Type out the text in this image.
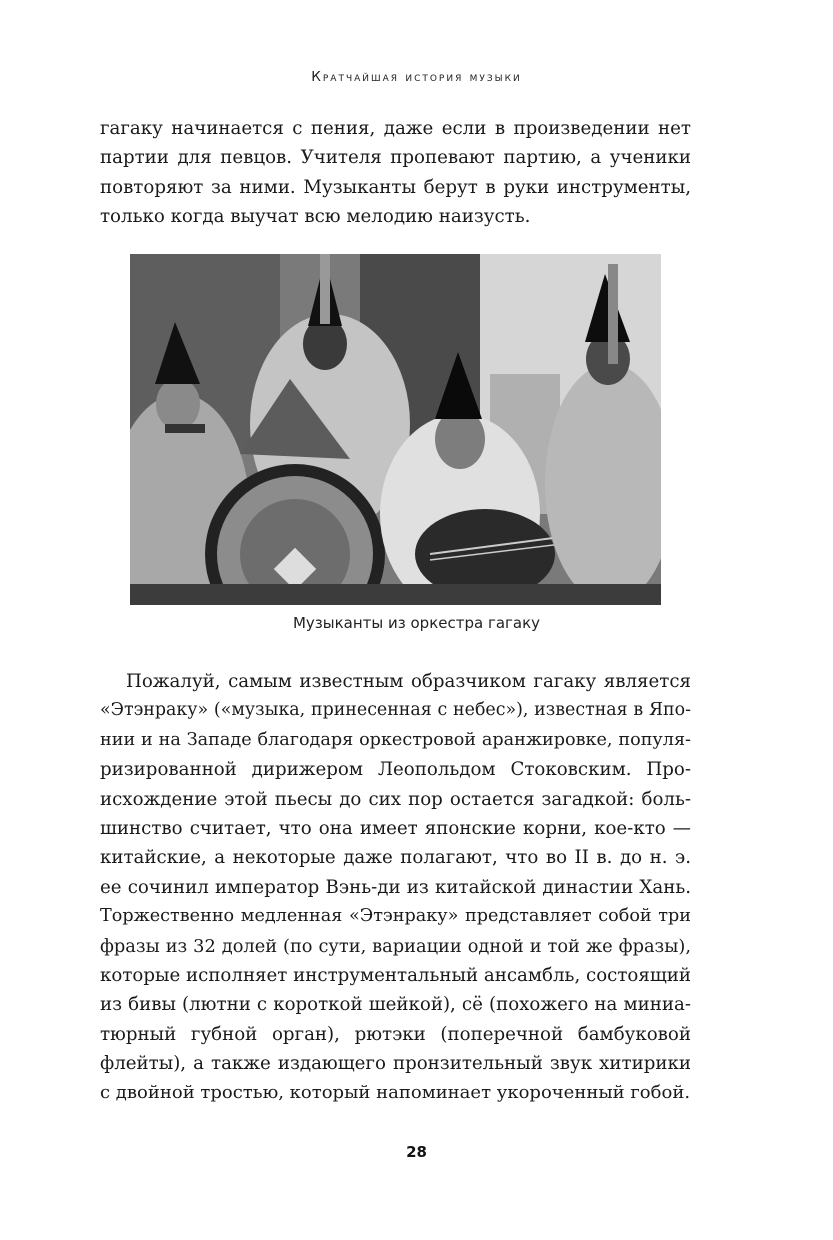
Кратчайшая история музыки
гагаку начинается с пения, даже если в произведении нет
партии для певцов. Учителя пропевают партию, а ученики
повторяют за ними. Музыканты берут в руки инструменты,
только когда выучат всю мелодию наизусть.
Музыканты из оркестра гагаку
Пожалуй, самым известным образчиком гагаку является
«Этэнраку» («музыка, принесенная с небес»), известная в Япо-
нии и на Западе благодаря оркестровой аранжировке, популя-
ризированной дирижером Леопольдом Стоковским. Про-
исхождение этой пьесы до сих пор остается загадкой: боль-
шинство считает, что она имеет японские корни, кое-кто —
китайские, а некоторые даже полагают, что во II в. до н. э.
ее сочинил император Вэнь-ди из китайской династии Хань.
Торжественно медленная «Этэнраку» представляет собой три
фразы из 32 долей (по сути, вариации одной и той же фразы),
которые исполняет инструментальный ансамбль, состоящий
из бивы (лютни с короткой шейкой), сё (похожего на миниа-
тюрный губной орган), рютэки (поперечной бамбуковой
флейты), а также издающего пронзительный звук хитирики
с двойной тростью, который напоминает укороченный гобой.
28
